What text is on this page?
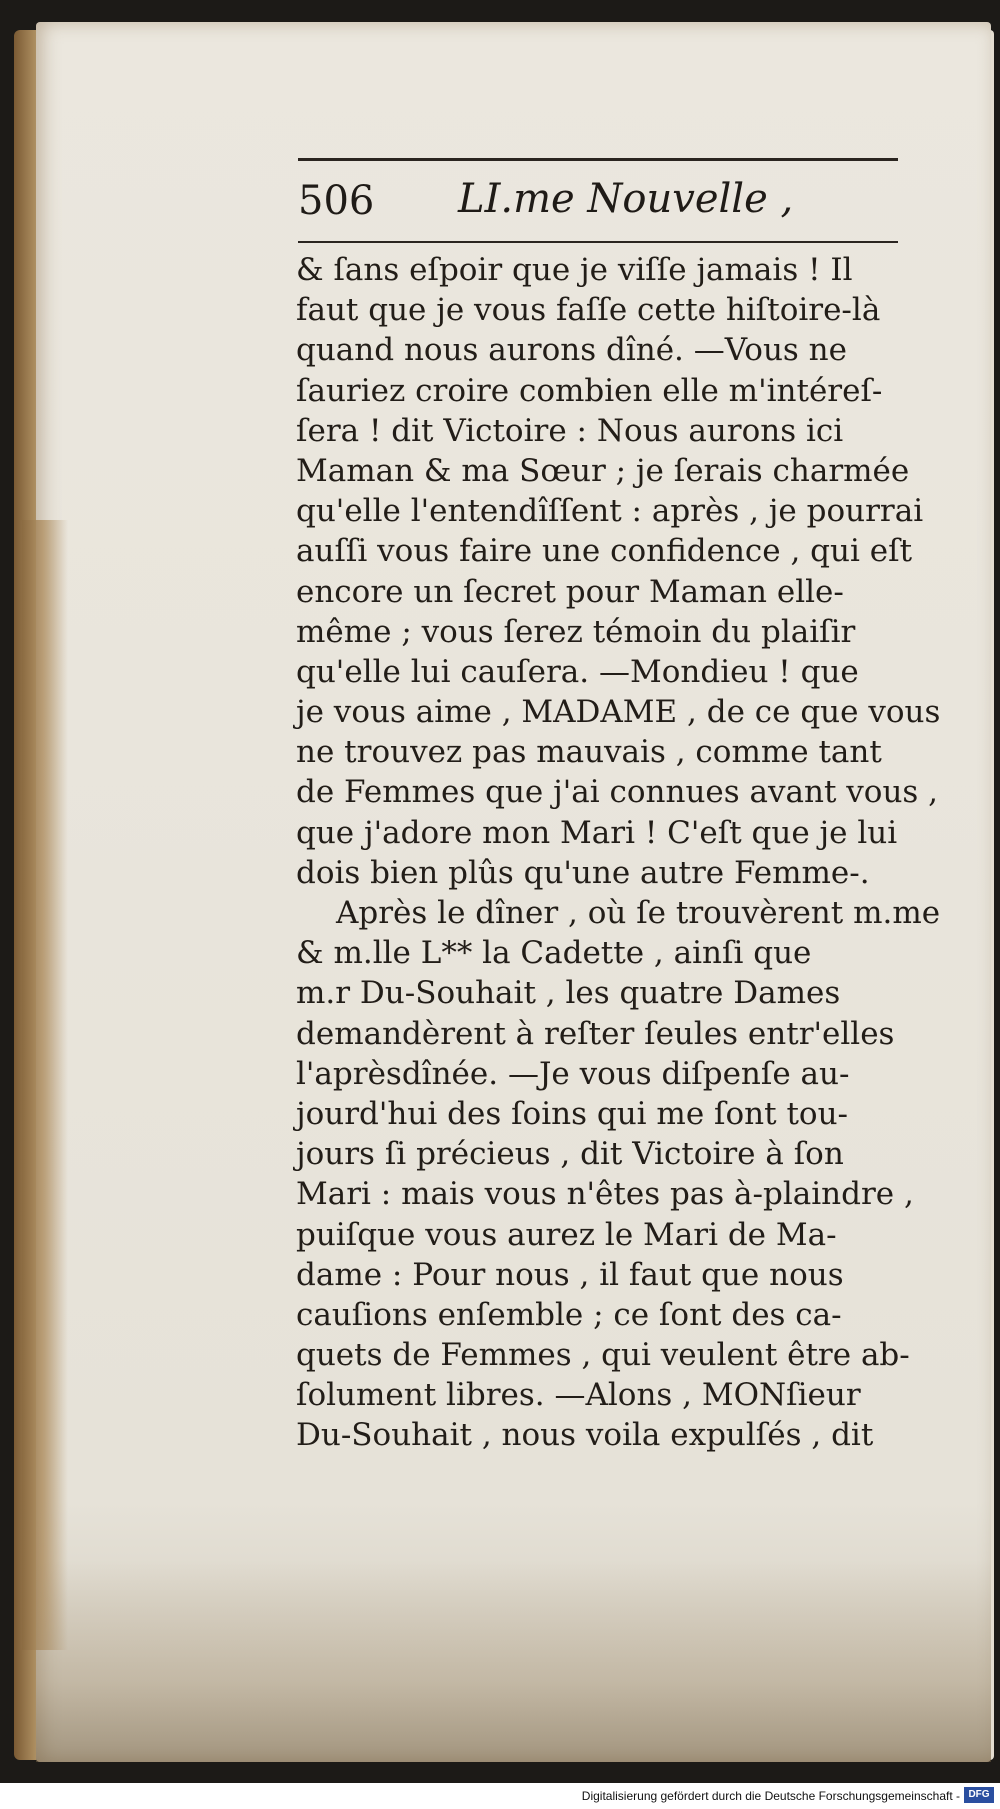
506 LI.me Nouvelle ,
& ſans eſpoir que je viſſe jamais ! Il
faut que je vous faſſe cette hiſtoire-là
quand nous aurons dîné. —Vous ne
ſauriez croire combien elle m'intéreſ-
ſera ! dit Victoire : Nous aurons ici
Maman & ma Sœur ; je ſerais charmée
qu'elle l'entendîſſent : après , je pourrai
auſſi vous faire une confidence , qui eſt
encore un ſecret pour Maman elle-
même ; vous ſerez témoin du plaiſir
qu'elle lui cauſera. —Mondieu ! que
je vous aime , MADAME , de ce que vous
ne trouvez pas mauvais , comme tant
de Femmes que j'ai connues avant vous ,
que j'adore mon Mari ! C'eſt que je lui
dois bien plûs qu'une autre Femme-.
Après le dîner , où ſe trouvèrent m.me
& m.lle L** la Cadette , ainſi que
m.r Du-Souhait , les quatre Dames
demandèrent à reſter ſeules entr'elles
l'aprèsdînée. —Je vous diſpenſe au-
jourd'hui des ſoins qui me ſont tou-
jours ſi précieus , dit Victoire à ſon
Mari : mais vous n'êtes pas à-plaindre ,
puiſque vous aurez le Mari de Ma-
dame : Pour nous , il faut que nous
cauſions enſemble ; ce ſont des ca-
quets de Femmes , qui veulent être ab-
ſolument libres. —Alons , MONſieur
Du-Souhait , nous voila expulſés , dit
Digitalisierung gefördert durch die Deutsche Forschungsgemeinschaft - DFG
